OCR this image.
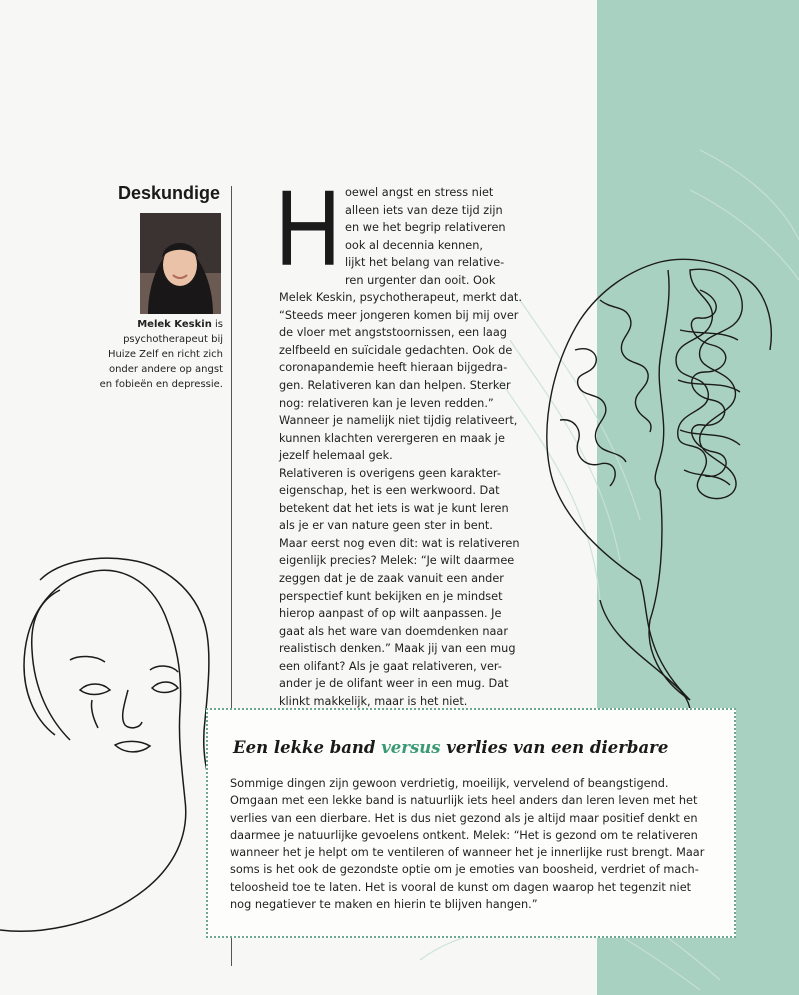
Deskundige
Melek Keskin is psychotherapeut bij Huize Zelf en richt zich onder andere op angst en fobieën en depressie.
H oewel angst en stress niet
alleen iets van deze tijd zijn
en we het begrip relativeren
ook al decennia kennen,
lijkt het belang van relative-
ren urgenter dan ooit. Ook
Melek Keskin, psychotherapeut, merkt dat.
“Steeds meer jongeren komen bij mij over
de vloer met angststoornissen, een laag
zelfbeeld en suïcidale gedachten. Ook de
coronapandemie heeft hieraan bijgedra-
gen. Relativeren kan dan helpen. Sterker
nog: relativeren kan je leven redden.”
Wanneer je namelijk niet tijdig relativeert,
kunnen klachten verergeren en maak je
jezelf helemaal gek.
Relativeren is overigens geen karakter-
eigenschap, het is een werkwoord. Dat
betekent dat het iets is wat je kunt leren
als je er van nature geen ster in bent.
Maar eerst nog even dit: wat is relativeren
eigenlijk precies? Melek: “Je wilt daarmee
zeggen dat je de zaak vanuit een ander
perspectief kunt bekijken en je mindset
hierop aanpast of op wilt aanpassen. Je
gaat als het ware van doemdenken naar
realistisch denken.” Maak jij van een mug
een olifant? Als je gaat relativeren, ver-
ander je de olifant weer in een mug. Dat
klinkt makkelijk, maar is het niet.
Een lekke band versus verlies van een dierbare
Sommige dingen zijn gewoon verdrietig, moeilijk, vervelend of beangstigend.
Omgaan met een lekke band is natuurlijk iets heel anders dan leren leven met het
verlies van een dierbare. Het is dus niet gezond als je altijd maar positief denkt en
daarmee je natuurlijke gevoelens ontkent. Melek: “Het is gezond om te relativeren
wanneer het je helpt om te ventileren of wanneer het je innerlijke rust brengt. Maar
soms is het ook de gezondste optie om je emoties van boosheid, verdriet of mach-
teloosheid toe te laten. Het is vooral de kunst om dagen waarop het tegenzit niet
nog negatiever te maken en hierin te blijven hangen.”
